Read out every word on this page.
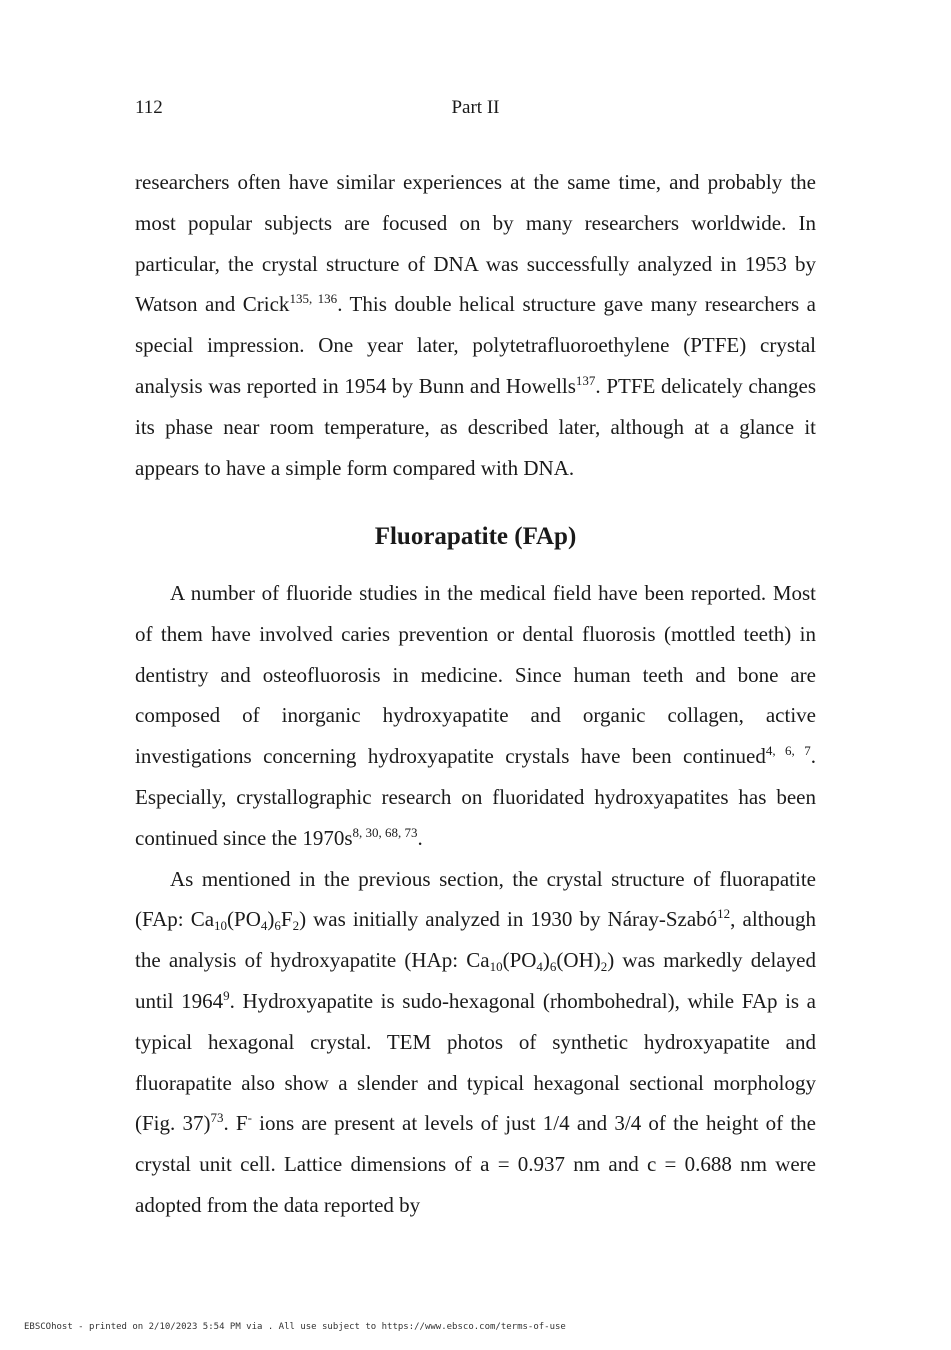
112	Part II

researchers often have similar experiences at the same time, and probably the most popular subjects are focused on by many researchers worldwide. In particular, the crystal structure of DNA was successfully analyzed in 1953 by Watson and Crick$^{135, 136}$. This double helical structure gave many researchers a special impression. One year later, polytetrafluoroethylene (PTFE) crystal analysis was reported in 1954 by Bunn and Howells$^{137}$. PTFE delicately changes its phase near room temperature, as described later, although at a glance it appears to have a simple form compared with DNA.

Fluorapatite (FAp)

A number of fluoride studies in the medical field have been reported. Most of them have involved caries prevention or dental fluorosis (mottled teeth) in dentistry and osteofluorosis in medicine. Since human teeth and bone are composed of inorganic hydroxyapatite and organic collagen, active investigations concerning hydroxyapatite crystals have been continued$^{4, 6, 7}$. Especially, crystallographic research on fluoridated hydroxyapatites has been continued since the $1970s^{8, 30, 68, 73}$.

As mentioned in the previous section, the crystal structure of fluorapatite (FAp: $Ca_{10}(PO_4)_6F_2$) was initially analyzed in 1930 by Náray-Szabó$^{12}$, although the analysis of hydroxyapatite (HAp: $Ca_{10}(PO_4)_6(OH)_2$) was markedly delayed until 1964$^9$. Hydroxyapatite is sudo-hexagonal (rhombohedral), while FAp is a typical hexagonal crystal. TEM photos of synthetic hydroxyapatite and fluorapatite also show a slender and typical hexagonal sectional morphology (Fig. 37)$^{73}$. F- ions are present at levels of just 1/4 and 3/4 of the height of the crystal unit cell. Lattice dimensions of a = 0.937 nm and c = 0.688 nm were adopted from the data reported by

EBSCOhost - printed on 2/10/2023 5:54 PM via . All use subject to https://www.ebsco.com/terms-of-use
